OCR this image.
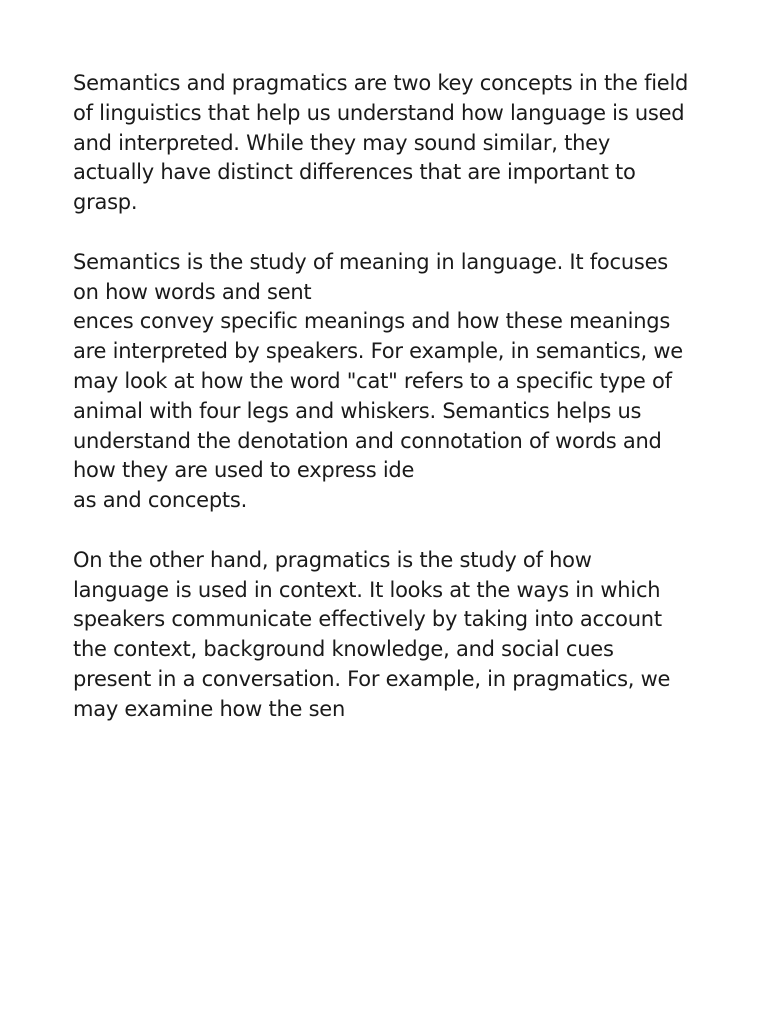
Semantics and pragmatics are two key concepts in the field
of linguistics that help us understand how language is used
and interpreted. While they may sound similar, they
actually have distinct differences that are important to
grasp.

Semantics is the study of meaning in language. It focuses
on how words and sent
ences convey specific meanings and how these meanings
are interpreted by speakers. For example, in semantics, we
may look at how the word "cat" refers to a specific type of
animal with four legs and whiskers. Semantics helps us
understand the denotation and connotation of words and
how they are used to express ide
as and concepts.

On the other hand, pragmatics is the study of how
language is used in context. It looks at the ways in which
speakers communicate effectively by taking into account
the context, background knowledge, and social cues
present in a conversation. For example, in pragmatics, we
may examine how the sen
